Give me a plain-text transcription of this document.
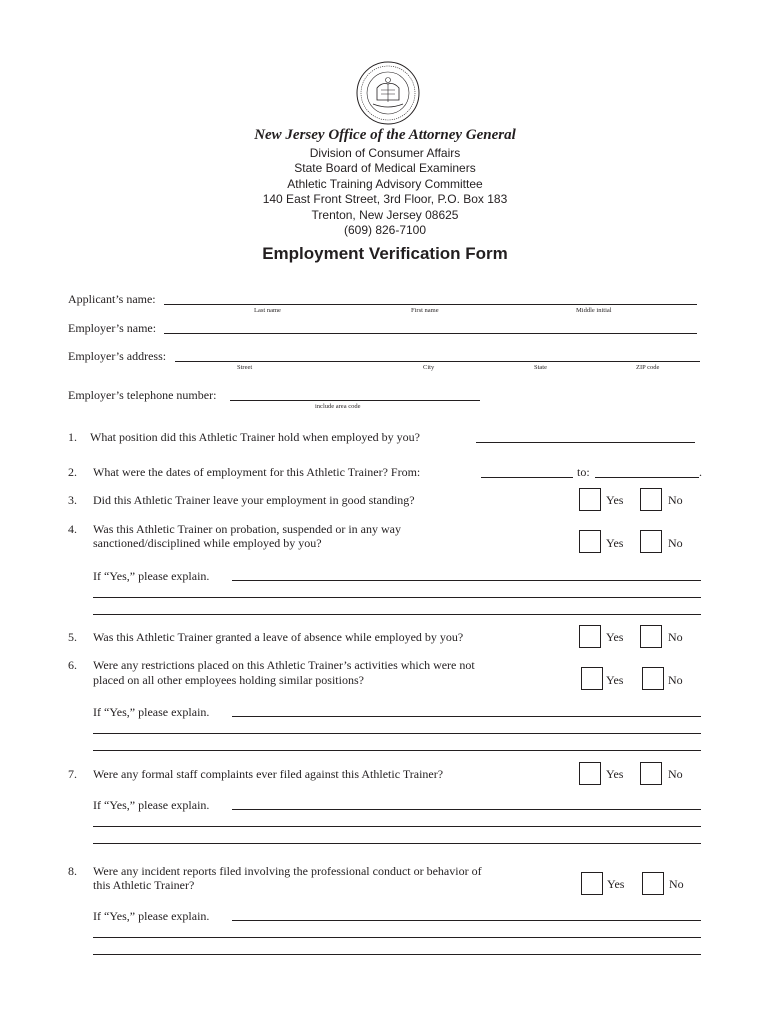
New Jersey Office of the Attorney General
Division of Consumer Affairs
State Board of Medical Examiners
Athletic Training Advisory Committee
140 East Front Street, 3rd Floor, P.O. Box 183
Trenton, New Jersey 08625
(609) 826-7100
Employment Verification Form
Applicant’s name:
Last name	First name	Middle initial
Employer’s name:
Employer’s address:
Street	City	State	ZIP code
Employer’s telephone number:
include area code
1. What position did this Athletic Trainer hold when employed by you?
2. What were the dates of employment for this Athletic Trainer? From:	to:	.
3. Did this Athletic Trainer leave your employment in good standing?	Yes	No
4. Was this Athletic Trainer on probation, suspended or in any way
sanctioned/disciplined while employed by you?	Yes	No
If “Yes,” please explain.
5. Was this Athletic Trainer granted a leave of absence while employed by you?	Yes	No
6. Were any restrictions placed on this Athletic Trainer’s activities which were not
placed on all other employees holding similar positions?	Yes	No
If “Yes,” please explain.
7. Were any formal staff complaints ever filed against this Athletic Trainer?	Yes	No
If “Yes,” please explain.
8. Were any incident reports filed involving the professional conduct or behavior of
this Athletic Trainer?	Yes	No
If “Yes,” please explain.
